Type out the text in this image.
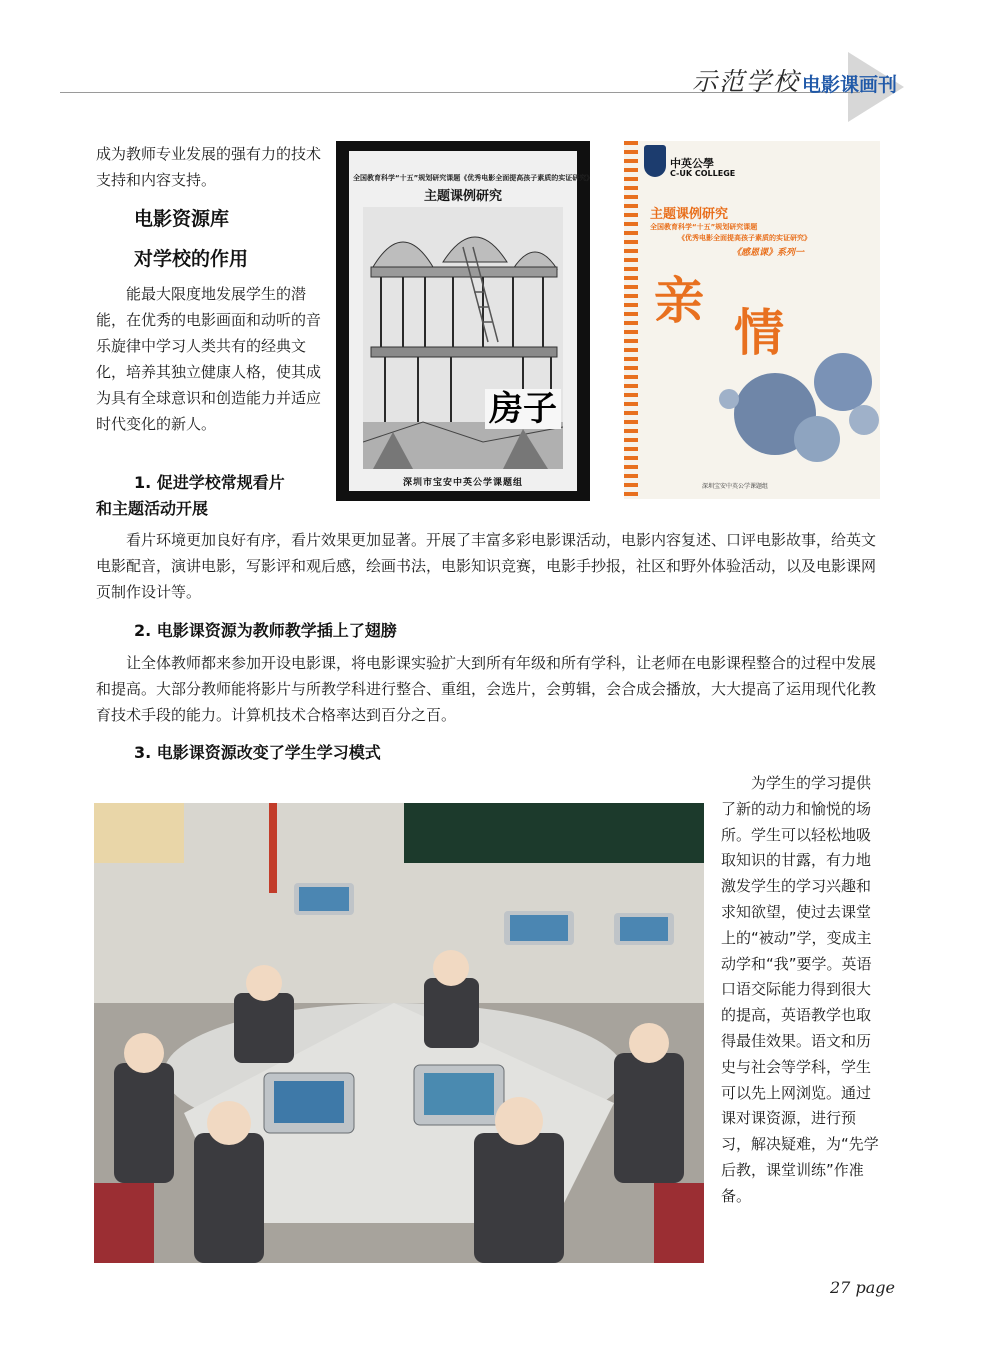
示范学校 电影课画刊
成为教师专业发展的强有力的技术支持和内容支持。
电影资源库
对学校的作用

能最大限度地发展学生的潜能，在优秀的电影画面和动听的音乐旋律中学习人类共有的经典文化，培养其独立健康人格，使其成为具有全球意识和创造能力并适应时代变化的新人。

1. 促进学校常规看片
和主题活动开展
全国教育科学“十五”规划研究课题《优秀电影全面提高孩子素质的实证研究》
主题课例研究
房子
深圳市宝安中英公学课题组
中英公學
C-UK COLLEGE
主题课例研究
全国教育科学“十五”规划研究课题
《优秀电影全面提高孩子素质的实证研究》
《感恩课》系列一
亲
情
深圳宝安中英公学课题组

看片环境更加良好有序，看片效果更加显著。开展了丰富多彩电影课活动，电影内容复述、口评电影故事，给英文电影配音，演讲电影，写影评和观后感，绘画书法，电影知识竞赛，电影手抄报，社区和野外体验活动，以及电影课网页制作设计等。

2. 电影课资源为教师教学插上了翅膀

让全体教师都来参加开设电影课，将电影课实验扩大到所有年级和所有学科，让老师在电影课程整合的过程中发展和提高。大部分教师能将影片与所教学科进行整合、重组，会选片，会剪辑，会合成会播放，大大提高了运用现代化教育技术手段的能力。计算机技术合格率达到百分之百。

3. 电影课资源改变了学生学习模式

为学生的学习提供了新的动力和愉悦的场所。学生可以轻松地吸取知识的甘露，有力地激发学生的学习兴趣和求知欲望，使过去课堂上的“被动”学，变成主动学和“我”要学。英语口语交际能力得到很大的提高，英语教学也取得最佳效果。语文和历史与社会等学科，学生可以先上网浏览。通过课对课资源，进行预习，解决疑难，为“先学后教，课堂训练”作准备。

27 page
